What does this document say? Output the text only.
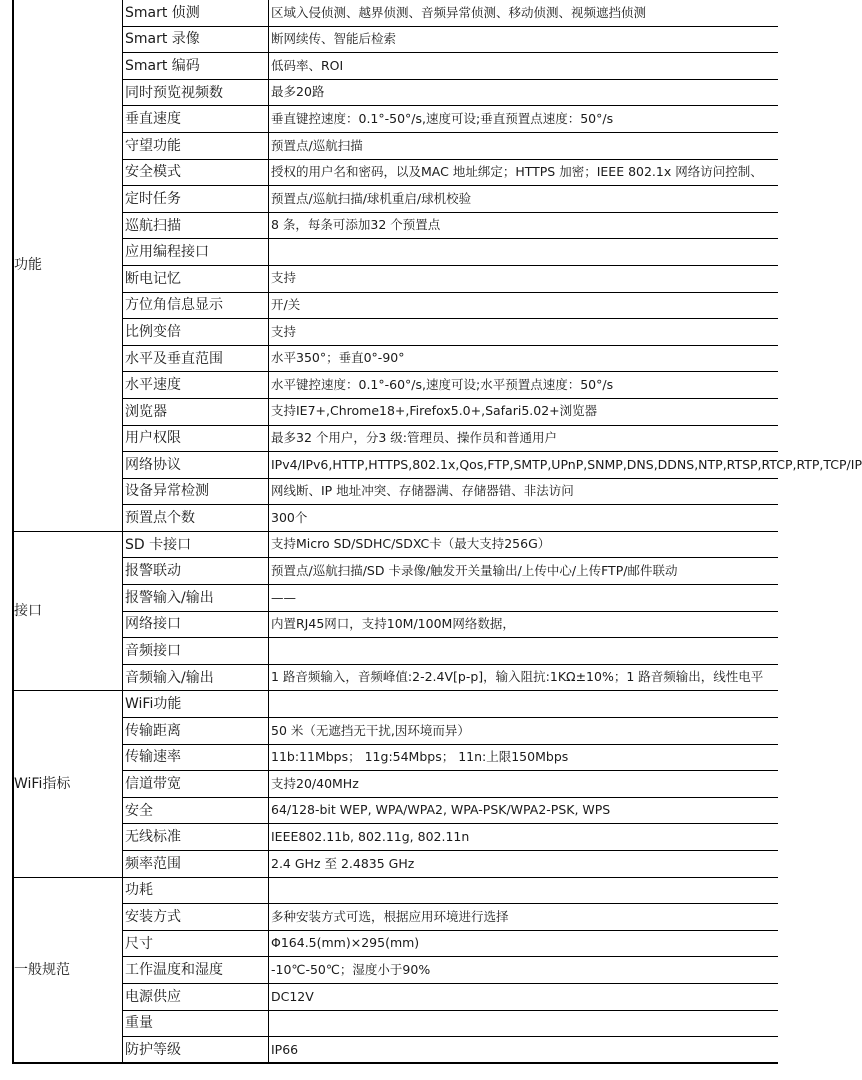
功能	Smart 侦测	区域入侵侦测、越界侦测、音频异常侦测、移动侦测、视频遮挡侦测
	Smart 录像	断网续传、智能后检索
	Smart 编码	低码率、ROI
	同时预览视频数	最多20路
	垂直速度	垂直键控速度：0.1°-50°/s,速度可设;垂直预置点速度：50°/s
	守望功能	预置点/巡航扫描
	安全模式	授权的用户名和密码，以及MAC 地址绑定；HTTPS 加密；IEEE 802.1x 网络访问控制、
	定时任务	预置点/巡航扫描/球机重启/球机校验
	巡航扫描	8 条，每条可添加32 个预置点
	应用编程接口	
	断电记忆	支持
	方位角信息显示	开/关
	比例变倍	支持
	水平及垂直范围	水平350°；垂直0°-90°
	水平速度	水平键控速度：0.1°-60°/s,速度可设;水平预置点速度：50°/s
	浏览器	支持IE7+,Chrome18+,Firefox5.0+,Safari5.02+浏览器
	用户权限	最多32 个用户，分3 级:管理员、操作员和普通用户
	网络协议	IPv4/IPv6,HTTP,HTTPS,802.1x,Qos,FTP,SMTP,UPnP,SNMP,DNS,DDNS,NTP,RTSP,RTCP,RTP,TCP/IP
	设备异常检测	网线断、IP 地址冲突、存储器满、存储器错、非法访问
	预置点个数	300个
接口	SD 卡接口	支持Micro SD/SDHC/SDXC卡（最大支持256G）
	报警联动	预置点/巡航扫描/SD 卡录像/触发开关量输出/上传中心/上传FTP/邮件联动
	报警输入/输出	——
	网络接口	内置RJ45网口，支持10M/100M网络数据，
	音频接口	
	音频输入/输出	1 路音频输入，音频峰值:2-2.4V[p-p]，输入阻抗:1KΩ±10%；1 路音频输出，线性电平
WiFi指标	WiFi功能	
	传输距离	50 米（无遮挡无干扰,因环境而异）
	传输速率	11b:11Mbps； 11g:54Mbps； 11n:上限150Mbps
	信道带宽	支持20/40MHz
	安全	64/128-bit WEP, WPA/WPA2, WPA-PSK/WPA2-PSK, WPS
	无线标准	IEEE802.11b, 802.11g, 802.11n
	频率范围	2.4 GHz 至 2.4835 GHz
一般规范	功耗	
	安装方式	多种安装方式可选，根据应用环境进行选择
	尺寸	Φ164.5(mm)×295(mm)
	工作温度和湿度	-10℃-50℃；湿度小于90%
	电源供应	DC12V
	重量	
	防护等级	IP66
